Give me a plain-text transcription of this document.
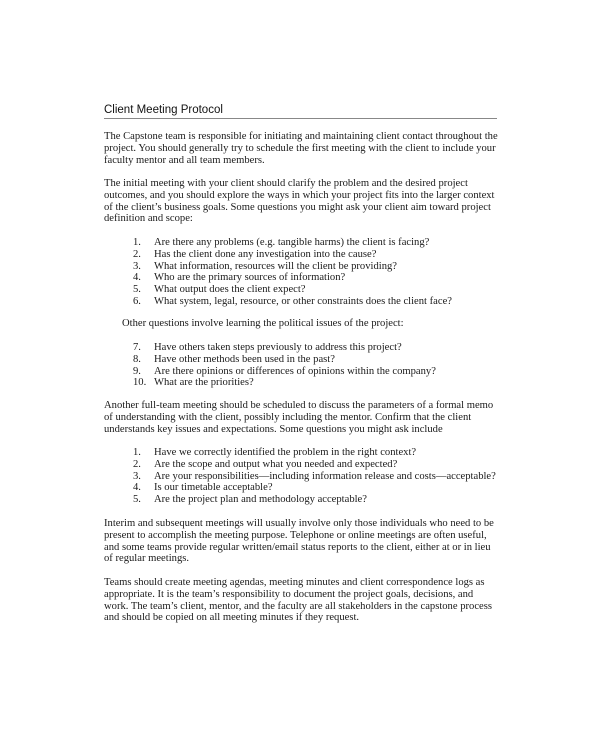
Client Meeting Protocol

The Capstone team is responsible for initiating and maintaining client contact throughout the project. You should generally try to schedule the first meeting with the client to include your faculty mentor and all team members.

The initial meeting with your client should clarify the problem and the desired project outcomes, and you should explore the ways in which your project fits into the larger context of the client’s business goals. Some questions you might ask your client aim toward project definition and scope:

1. Are there any problems (e.g. tangible harms) the client is facing?
2. Has the client done any investigation into the cause?
3. What information, resources will the client be providing?
4. Who are the primary sources of information?
5. What output does the client expect?
6. What system, legal, resource, or other constraints does the client face?

Other questions involve learning the political issues of the project:

7. Have others taken steps previously to address this project?
8. Have other methods been used in the past?
9. Are there opinions or differences of opinions within the company?
10. What are the priorities?

Another full-team meeting should be scheduled to discuss the parameters of a formal memo of understanding with the client, possibly including the mentor. Confirm that the client understands key issues and expectations. Some questions you might ask include

1. Have we correctly identified the problem in the right context?
2. Are the scope and output what you needed and expected?
3. Are your responsibilities—including information release and costs—acceptable?
4. Is our timetable acceptable?
5. Are the project plan and methodology acceptable?

Interim and subsequent meetings will usually involve only those individuals who need to be present to accomplish the meeting purpose. Telephone or online meetings are often useful, and some teams provide regular written/email status reports to the client, either at or in lieu of regular meetings.

Teams should create meeting agendas, meeting minutes and client correspondence logs as appropriate. It is the team’s responsibility to document the project goals, decisions, and work. The team’s client, mentor, and the faculty are all stakeholders in the capstone process and should be copied on all meeting minutes if they request.
